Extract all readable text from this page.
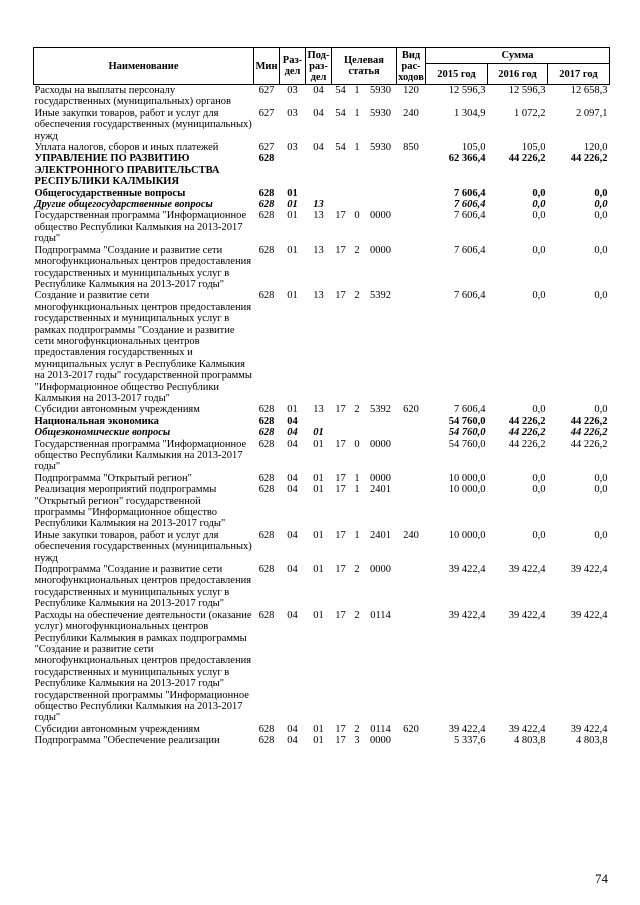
Наименование	Мин	Раз-дел	Под-раз-дел	Целевая статья			Вид рас-ходов	Сумма		
								2015 год	2016 год	2017 год
Расходы на выплаты персоналу государственных (муниципальных) органов	627	03	04	54	1	5930	120	12 596,3	12 596,3	12 658,3
Иные закупки товаров, работ и услуг для обеспечения государственных (муниципальных) нужд	627	03	04	54	1	5930	240	1 304,9	1 072,2	2 097,1
Уплата налогов, сборов и иных платежей	627	03	04	54	1	5930	850	105,0	105,0	120,0
УПРАВЛЕНИЕ ПО РАЗВИТИЮ ЭЛЕКТРОННОГО ПРАВИТЕЛЬСТВА РЕСПУБЛИКИ КАЛМЫКИЯ	628							62 366,4	44 226,2	44 226,2
Общегосударственные вопросы	628	01						7 606,4	0,0	0,0
Другие общегосударственные вопросы	628	01	13					7 606,4	0,0	0,0
Государственная программа "Информационное общество Республики Калмыкия на 2013-2017 годы"	628	01	13	17	0	0000		7 606,4	0,0	0,0
Подпрограмма "Создание и развитие сети многофункциональных центров предоставления государственных и муниципальных услуг в Республике Калмыкия на 2013-2017 годы"	628	01	13	17	2	0000		7 606,4	0,0	0,0
Создание и развитие сети многофункциональных центров предоставления государственных и муниципальных услуг в рамках подпрограммы "Создание и развитие сети многофункциональных центров предоставления государственных и муниципальных услуг в Республике Калмыкия на 2013-2017 годы" государственной программы "Информационное общество Республики Калмыкия на 2013-2017 годы"	628	01	13	17	2	5392		7 606,4	0,0	0,0
Субсидии автономным учреждениям	628	01	13	17	2	5392	620	7 606,4	0,0	0,0
Национальная экономика	628	04						54 760,0	44 226,2	44 226,2
Общеэкономические вопросы	628	04	01					54 760,0	44 226,2	44 226,2
Государственная программа "Информационное общество Республики Калмыкия на 2013-2017 годы"	628	04	01	17	0	0000		54 760,0	44 226,2	44 226,2
Подпрограмма "Открытый регион"	628	04	01	17	1	0000		10 000,0	0,0	0,0
Реализация мероприятий подпрограммы "Открытый регион" государственной программы "Информационное общество Республики Калмыкия на 2013-2017 годы"	628	04	01	17	1	2401		10 000,0	0,0	0,0
Иные закупки товаров, работ и услуг для обеспечения государственных (муниципальных) нужд	628	04	01	17	1	2401	240	10 000,0	0,0	0,0
Подпрограмма "Создание и развитие сети многофункциональных центров предоставления государственных и муниципальных услуг в Республике Калмыкия на 2013-2017 годы"	628	04	01	17	2	0000		39 422,4	39 422,4	39 422,4
Расходы на обеспечение деятельности (оказание услуг) многофункциональных центров Республики Калмыкия в рамках подпрограммы "Создание и развитие сети многофункциональных центров предоставления государственных и муниципальных услуг в Республике Калмыкия на 2013-2017 годы" государственной программы "Информационное общество Республики Калмыкия на 2013-2017 годы"	628	04	01	17	2	0114		39 422,4	39 422,4	39 422,4
Субсидии автономным учреждениям	628	04	01	17	2	0114	620	39 422,4	39 422,4	39 422,4
Подпрограмма "Обеспечение реализации	628	04	01	17	3	0000		5 337,6	4 803,8	4 803,8
74
